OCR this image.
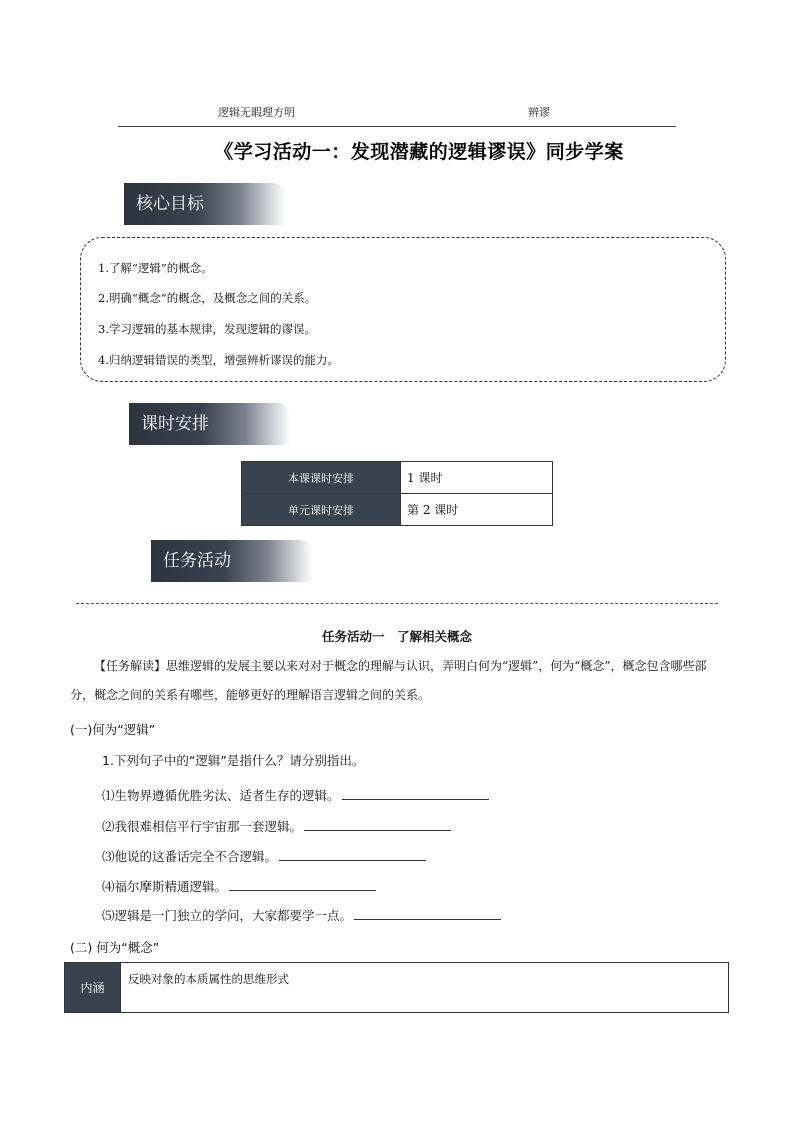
逻辑无暇理方明	辨谬
《学习活动一：发现潜藏的逻辑谬误》同步学案
核心目标
1.了解“逻辑”的概念。
2.明确“概念”的概念，及概念之间的关系。
3.学习逻辑的基本规律，发现逻辑的谬误。
4.归纳逻辑错误的类型，增强辨析谬误的能力。
课时安排
本课课时安排	1 课时
单元课时安排	第 2 课时
任务活动
任务活动一　了解相关概念
【任务解读】思维逻辑的发展主要以来对对于概念的理解与认识，弄明白何为“逻辑”，何为“概念”，概念包含哪些部分，概念之间的关系有哪些，能够更好的理解语言逻辑之间的关系。
(一)何为“逻辑”
1.下列句子中的“逻辑”是指什么？请分别指出。
⑴生物界遵循优胜劣汰、适者生存的逻辑。
⑵我很难相信平行宇宙那一套逻辑。
⑶他说的这番话完全不合逻辑。
⑷福尔摩斯精通逻辑。
⑸逻辑是一门独立的学问，大家都要学一点。
(二) 何为“概念”
内涵	反映对象的本质属性的思维形式
